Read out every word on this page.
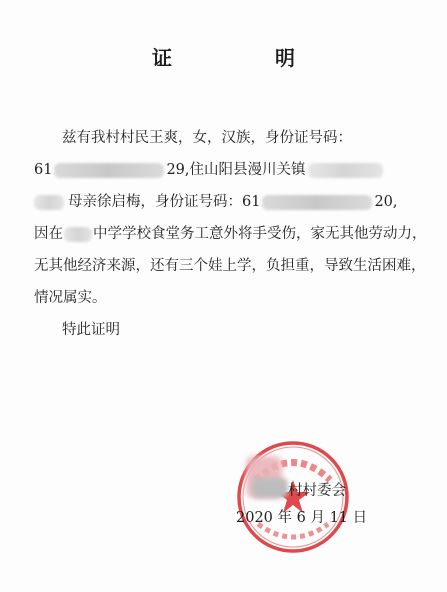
证 明
兹有我村村民王爽，女，汉族，身份证号码：
61	29,住山阳县漫川关镇
母亲徐启梅，身份证号码：61	20,
因在 中学学校食堂务工意外将手受伤，家无其他劳动力，
无其他经济来源，还有三个娃上学，负担重，导致生活困难，
情况属实。
特此证明
村村委会
2020 年 6 月 11 日
